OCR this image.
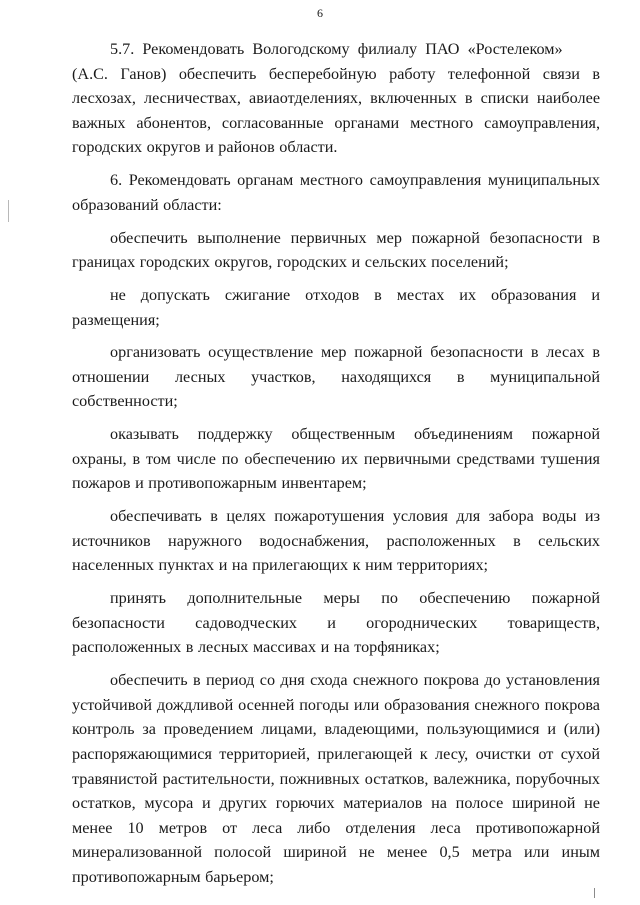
6

5.7. Рекомендовать Вологодскому филиалу ПАО «Ростелеком» (А.С. Ганов) обеспечить бесперебойную работу телефонной связи в лесхозах, лесничествах, авиаотделениях, включенных в списки наиболее важных абонентов, согласованные органами местного самоуправления, городских округов и районов области.

6. Рекомендовать органам местного самоуправления муниципальных образований области:

обеспечить выполнение первичных мер пожарной безопасности в границах городских округов, городских и сельских поселений;

не допускать сжигание отходов в местах их образования и размещения;

организовать осуществление мер пожарной безопасности в лесах в отношении лесных участков, находящихся в муниципальной собственности;

оказывать поддержку общественным объединениям пожарной охраны, в том числе по обеспечению их первичными средствами тушения пожаров и противопожарным инвентарем;

обеспечивать в целях пожаротушения условия для забора воды из источников наружного водоснабжения, расположенных в сельских населенных пунктах и на прилегающих к ним территориях;

принять дополнительные меры по обеспечению пожарной безопасности садоводческих и огороднических товариществ, расположенных в лесных массивах и на торфяниках;

обеспечить в период со дня схода снежного покрова до установления устойчивой дождливой осенней погоды или образования снежного покрова контроль за проведением лицами, владеющими, пользующимися и (или) распоряжающимися территорией, прилегающей к лесу, очистки от сухой травянистой растительности, пожнивных остатков, валежника, порубочных остатков, мусора и других горючих материалов на полосе шириной не менее 10 метров от леса либо отделения леса противопожарной минерализованной полосой шириной не менее 0,5 метра или иным противопожарным барьером;
